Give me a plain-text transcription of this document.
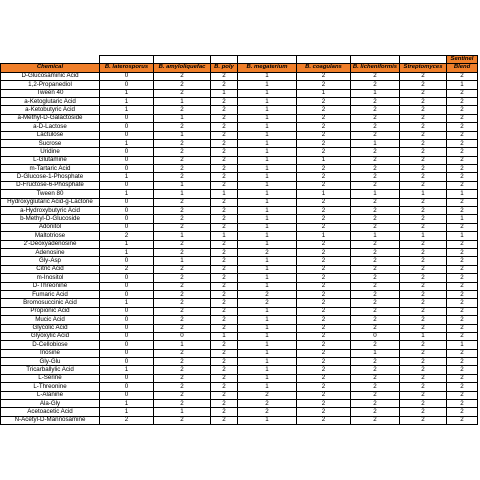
								Sentinel
Chemical	B. laterosporus	B. amyloliquefac	B. poly	B. megaterium	B. coagulans	B. licheniformis	Streptomyces	Blend
D-Glucosaminic Acid	0	2	2	1	2	2	2	2
1,2-Propanediol	0	2	2	1	2	2	2	1
Tween 40	1	2	1	1	1	1	2	2
a-Ketoglutaric Acid	1	1	2	1	2	2	2	2
a-Ketobutyric Acid	1	2	2	1	2	2	2	2
a-Methyl-D-Galactoside	0	1	2	1	2	2	2	2
a-D-Lactose	0	2	2	1	2	2	2	2
Lactulose	0	1	2	1	2	2	2	2
Sucrose	1	2	2	1	2	1	2	2
Uridine	0	2	2	1	2	2	2	2
L-Glutamine	0	2	2	1	1	2	2	2
m-Tartaric Acid	0	2	2	1	2	2	2	2
D-Glucose-1-Phosphate	1	2	2	1	2	2	2	2
D-Fructose-6-Phosphate	0	1	2	1	2	2	2	2
Tween 80	1	1	1	1	1	1	1	1
Hydroxyglutaric Acid-g-Lactone	0	2	2	1	2	2	2	2
a-Hydroxybutyric Acid	0	2	2	1	2	2	2	2
b-Methyl-D-Glucoside	0	2	2	1	2	2	2	1
Adonitol	0	2	2	1	2	2	2	2
Maltotriose	2	1	1	1	1	1	1	1
2'-Deoxyadenosine	1	2	2	1	2	2	2	2
Adenosine	1	2	2	2	2	2	2	2
Gly-Asp	0	1	2	1	2	2	2	2
Citric Acid	2	2	2	1	2	2	2	2
m-Inositol	0	2	2	1	2	2	2	2
D-Threonine	0	2	2	1	2	2	2	2
Fumaric Acid	0	2	2	2	2	2	2	2
Bromosuccinic Acid	1	2	2	2	2	2	2	2
Propionic Acid	0	2	2	1	2	2	2	2
Mucic Acid	0	2	2	1	2	2	2	2
Glycolic Acid	0	2	2	1	2	2	2	2
Glyoxylic Acid	0	0	1	1	2	0	1	2
D-Cellobiose	0	1	2	1	2	2	2	1
Inosine	0	2	2	1	2	1	2	2
Gly-Glu	0	2	2	1	2	2	2	2
Tricarballylic Acid	1	2	2	1	2	2	2	2
L-Serine	0	2	2	1	2	2	2	2
L-Threonine	0	2	2	1	2	2	2	2
L-Alanine	0	2	2	2	2	2	2	2
Ala-Gly	1	2	2	2	2	2	2	2
Acetoacetic Acid	1	1	2	2	2	2	2	2
N-Acetyl-D-Mannosamine	2	2	2	1	2	2	2	2
